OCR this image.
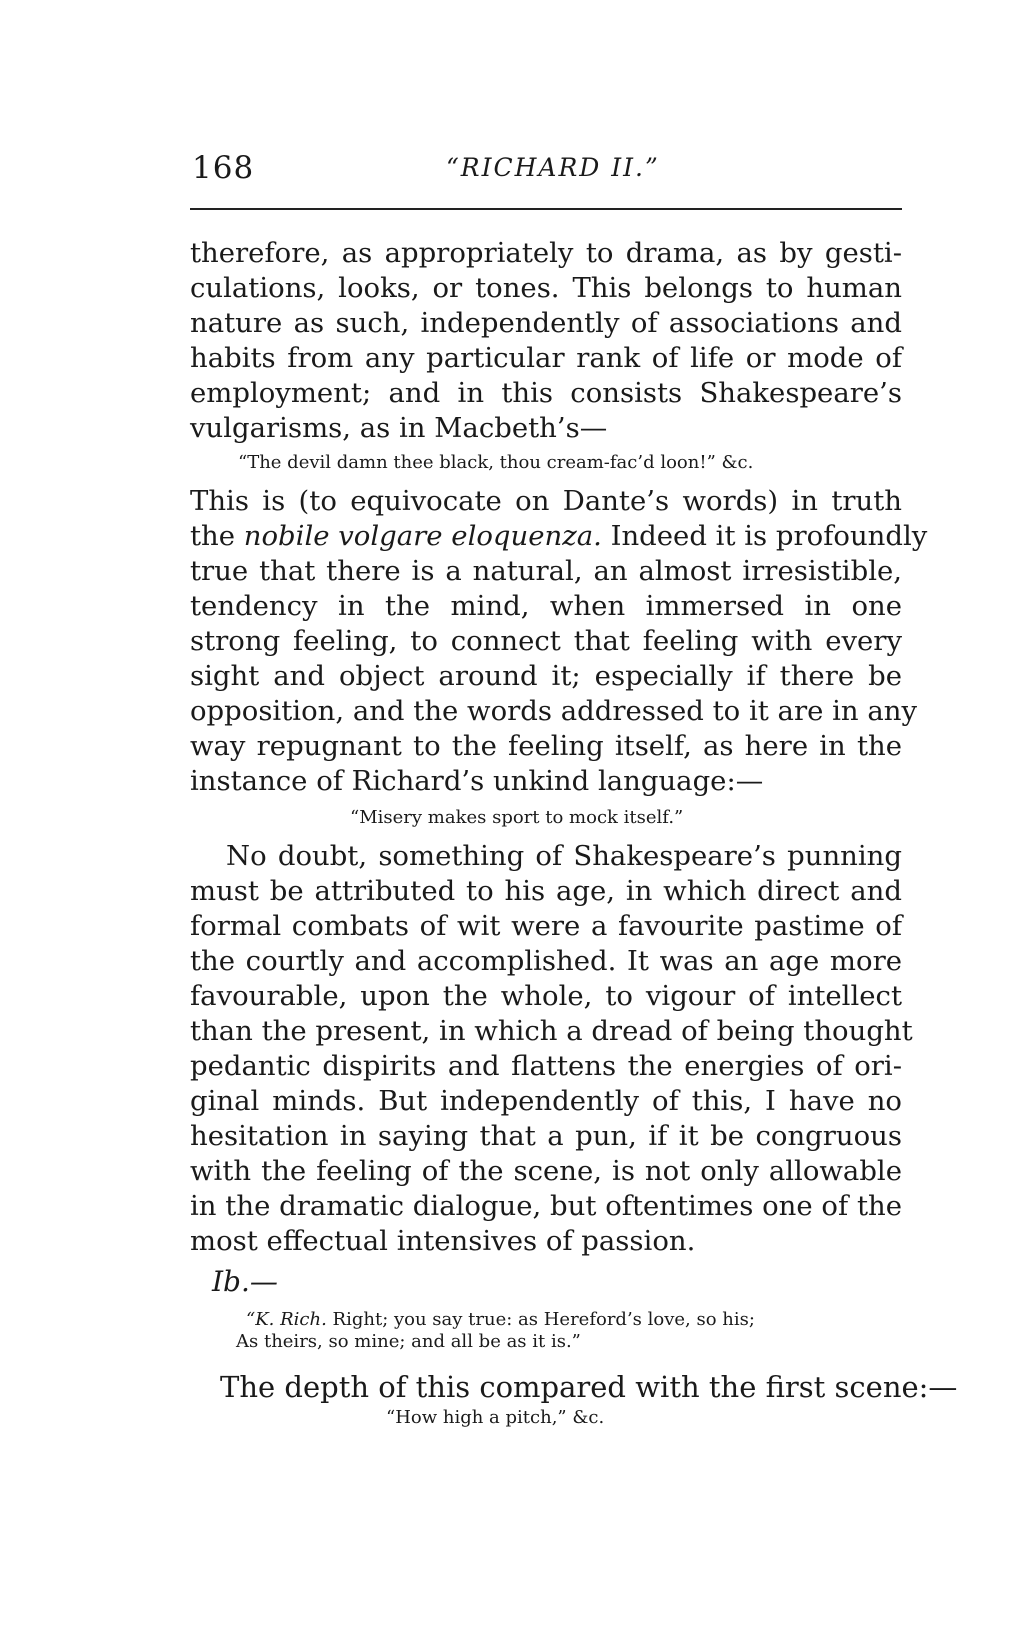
168	“RICHARD II.”
therefore, as appropriately to drama, as by gesti-
culations, looks, or tones. This belongs to human
nature as such, independently of associations and
habits from any particular rank of life or mode of
employment; and in this consists Shakespeare’s
vulgarisms, as in Macbeth’s—
“The devil damn thee black, thou cream-fac’d loon!” &c.
This is (to equivocate on Dante’s words) in truth
the nobile volgare eloquenza. Indeed it is profoundly
true that there is a natural, an almost irresistible,
tendency in the mind, when immersed in one
strong feeling, to connect that feeling with every
sight and object around it; especially if there be
opposition, and the words addressed to it are in any
way repugnant to the feeling itself, as here in the
instance of Richard’s unkind language:—
“Misery makes sport to mock itself.”
No doubt, something of Shakespeare’s punning
must be attributed to his age, in which direct and
formal combats of wit were a favourite pastime of
the courtly and accomplished. It was an age more
favourable, upon the whole, to vigour of intellect
than the present, in which a dread of being thought
pedantic dispirits and flattens the energies of ori-
ginal minds. But independently of this, I have no
hesitation in saying that a pun, if it be congruous
with the feeling of the scene, is not only allowable
in the dramatic dialogue, but oftentimes one of the
most effectual intensives of passion.
Ib.—
“K. Rich. Right; you say true: as Hereford’s love, so his;
As theirs, so mine; and all be as it is.”
The depth of this compared with the first scene:—
“How high a pitch,” &c.
